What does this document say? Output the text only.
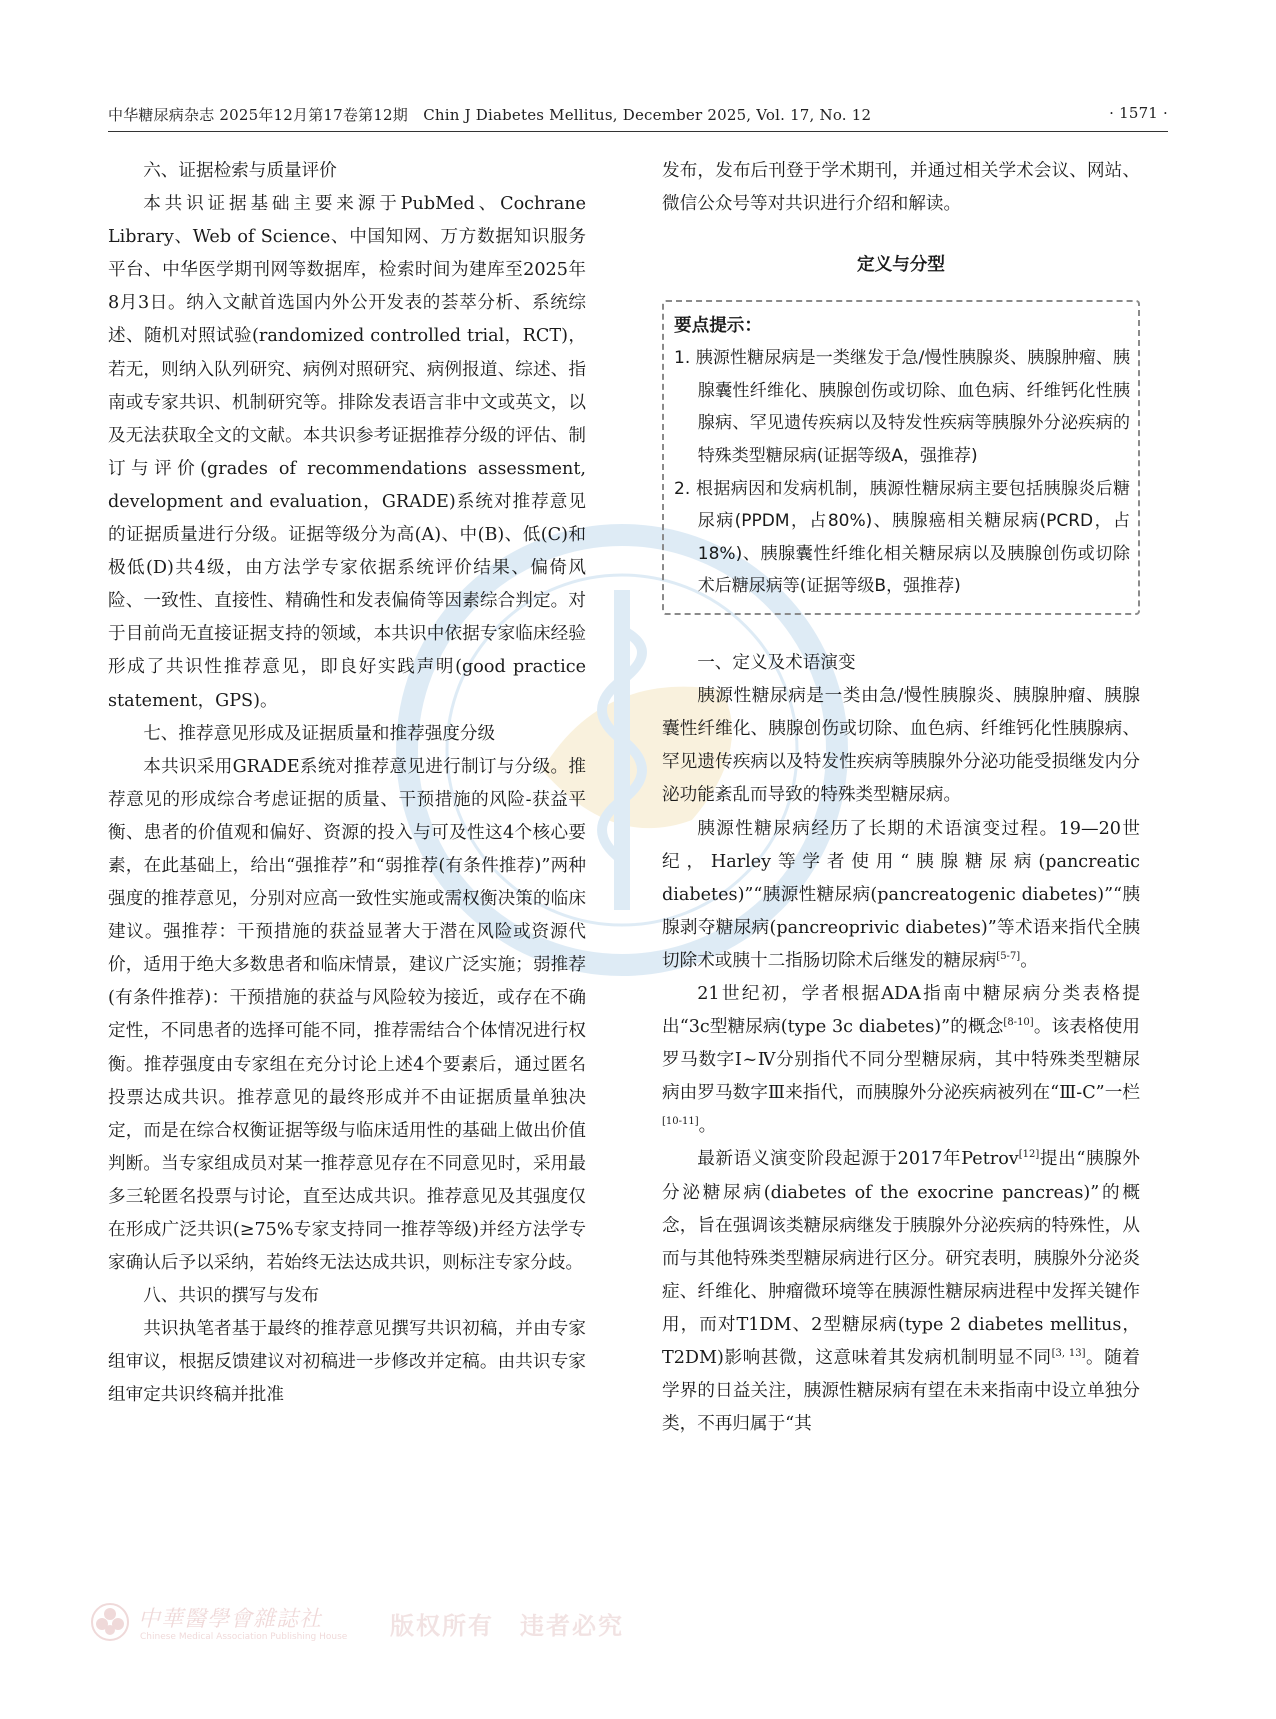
中华糖尿病杂志 2025年12月第17卷第12期　Chin J Diabetes Mellitus, December 2025, Vol. 17, No. 12	· 1571 ·
六、证据检索与质量评价

本共识证据基础主要来源于PubMed、Cochrane Library、Web of Science、中国知网、万方数据知识服务平台、中华医学期刊网等数据库，检索时间为建库至2025年8月3日。纳入文献首选国内外公开发表的荟萃分析、系统综述、随机对照试验(randomized controlled trial，RCT)，若无，则纳入队列研究、病例对照研究、病例报道、综述、指南或专家共识、机制研究等。排除发表语言非中文或英文，以及无法获取全文的文献。本共识参考证据推荐分级的评估、制订与评价(grades of recommendations assessment, development and evaluation，GRADE)系统对推荐意见的证据质量进行分级。证据等级分为高(A)、中(B)、低(C)和极低(D)共4级，由方法学专家依据系统评价结果、偏倚风险、一致性、直接性、精确性和发表偏倚等因素综合判定。对于目前尚无直接证据支持的领域，本共识中依据专家临床经验形成了共识性推荐意见，即良好实践声明(good practice statement，GPS)。

七、推荐意见形成及证据质量和推荐强度分级

本共识采用GRADE系统对推荐意见进行制订与分级。推荐意见的形成综合考虑证据的质量、干预措施的风险-获益平衡、患者的价值观和偏好、资源的投入与可及性这4个核心要素，在此基础上，给出“强推荐”和“弱推荐(有条件推荐)”两种强度的推荐意见，分别对应高一致性实施或需权衡决策的临床建议。强推荐：干预措施的获益显著大于潜在风险或资源代价，适用于绝大多数患者和临床情景，建议广泛实施；弱推荐(有条件推荐)：干预措施的获益与风险较为接近，或存在不确定性，不同患者的选择可能不同，推荐需结合个体情况进行权衡。推荐强度由专家组在充分讨论上述4个要素后，通过匿名投票达成共识。推荐意见的最终形成并不由证据质量单独决定，而是在综合权衡证据等级与临床适用性的基础上做出价值判断。当专家组成员对某一推荐意见存在不同意见时，采用最多三轮匿名投票与讨论，直至达成共识。推荐意见及其强度仅在形成广泛共识(≥75%专家支持同一推荐等级)并经方法学专家确认后予以采纳，若始终无法达成共识，则标注专家分歧。

八、共识的撰写与发布

共识执笔者基于最终的推荐意见撰写共识初稿，并由专家组审议，根据反馈建议对初稿进一步修改并定稿。由共识专家组审定共识终稿并批准

发布，发布后刊登于学术期刊，并通过相关学术会议、网站、微信公众号等对共识进行介绍和解读。

定义与分型
要点提示：
1. 胰源性糖尿病是一类继发于急/慢性胰腺炎、胰腺肿瘤、胰腺囊性纤维化、胰腺创伤或切除、血色病、纤维钙化性胰腺病、罕见遗传疾病以及特发性疾病等胰腺外分泌疾病的特殊类型糖尿病(证据等级A，强推荐)
2. 根据病因和发病机制，胰源性糖尿病主要包括胰腺炎后糖尿病(PPDM，占80%)、胰腺癌相关糖尿病(PCRD，占18%)、胰腺囊性纤维化相关糖尿病以及胰腺创伤或切除术后糖尿病等(证据等级B，强推荐)
一、定义及术语演变

胰源性糖尿病是一类由急/慢性胰腺炎、胰腺肿瘤、胰腺囊性纤维化、胰腺创伤或切除、血色病、纤维钙化性胰腺病、罕见遗传疾病以及特发性疾病等胰腺外分泌功能受损继发内分泌功能紊乱而导致的特殊类型糖尿病。

胰源性糖尿病经历了长期的术语演变过程。19—20世纪，Harley等学者使用“胰腺糖尿病(pancreatic diabetes)”“胰源性糖尿病(pancreatogenic diabetes)”“胰腺剥夺糖尿病(pancreoprivic diabetes)”等术语来指代全胰切除术或胰十二指肠切除术后继发的糖尿病[5-7]。

21世纪初，学者根据ADA指南中糖尿病分类表格提出“3c型糖尿病(type 3c diabetes)”的概念[8-10]。该表格使用罗马数字Ⅰ~Ⅳ分别指代不同分型糖尿病，其中特殊类型糖尿病由罗马数字Ⅲ来指代，而胰腺外分泌疾病被列在“Ⅲ-C”一栏[10-11]。

最新语义演变阶段起源于2017年Petrov[12]提出“胰腺外分泌糖尿病(diabetes of the exocrine pancreas)”的概念，旨在强调该类糖尿病继发于胰腺外分泌疾病的特殊性，从而与其他特殊类型糖尿病进行区分。研究表明，胰腺外分泌炎症、纤维化、肿瘤微环境等在胰源性糖尿病进程中发挥关键作用，而对T1DM、2型糖尿病(type 2 diabetes mellitus，T2DM)影响甚微，这意味着其发病机制明显不同[3, 13]。随着学界的日益关注，胰源性糖尿病有望在未来指南中设立单独分类，不再归属于“其

中華醫學會雜誌社
Chinese Medical Association Publishing House 版权所有　违者必究
